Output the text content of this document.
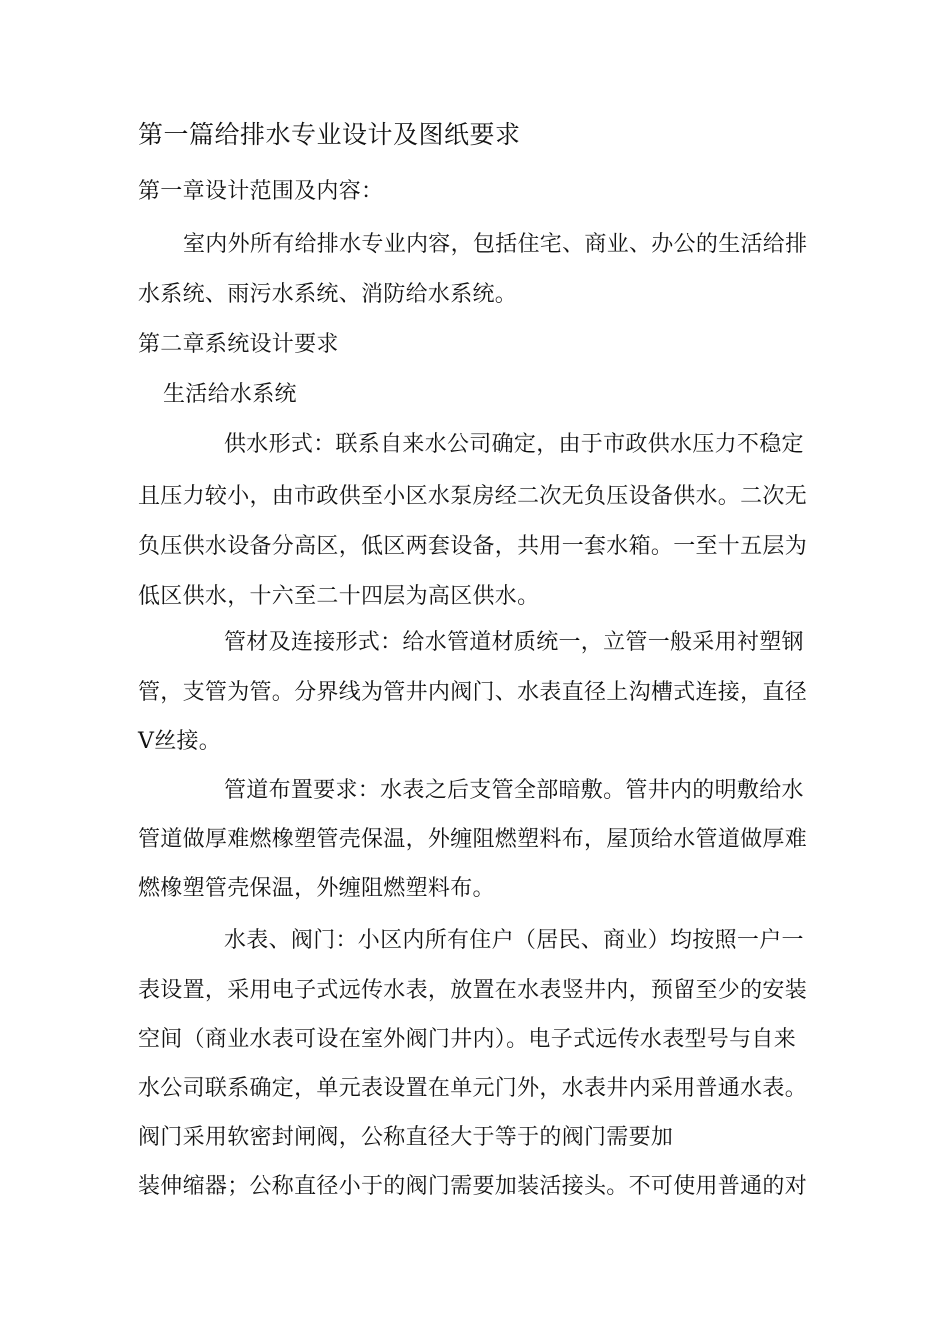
第一篇给排水专业设计及图纸要求
第一章设计范围及内容：
室内外所有给排水专业内容，包括住宅、商业、办公的生活给排
水系统、雨污水系统、消防给水系统。
第二章系统设计要求
生活给水系统
供水形式：联系自来水公司确定，由于市政供水压力不稳定
且压力较小，由市政供至小区水泵房经二次无负压设备供水。二次无
负压供水设备分高区，低区两套设备，共用一套水箱。一至十五层为
低区供水，十六至二十四层为高区供水。
管材及连接形式：给水管道材质统一，立管一般采用衬塑钢
管，支管为管。分界线为管井内阀门、水表直径上沟槽式连接，直径
V丝接。
管道布置要求：水表之后支管全部暗敷。管井内的明敷给水
管道做厚难燃橡塑管壳保温，外缠阻燃塑料布，屋顶给水管道做厚难
燃橡塑管壳保温，外缠阻燃塑料布。
水表、阀门：小区内所有住户（居民、商业）均按照一户一
表设置，采用电子式远传水表，放置在水表竖井内，预留至少的安装
空间（商业水表可设在室外阀门井内）。电子式远传水表型号与自来
水公司联系确定，单元表设置在单元门外，水表井内采用普通水表。
阀门采用软密封闸阀，公称直径大于等于的阀门需要加
装伸缩器；公称直径小于的阀门需要加装活接头。不可使用普通的对
